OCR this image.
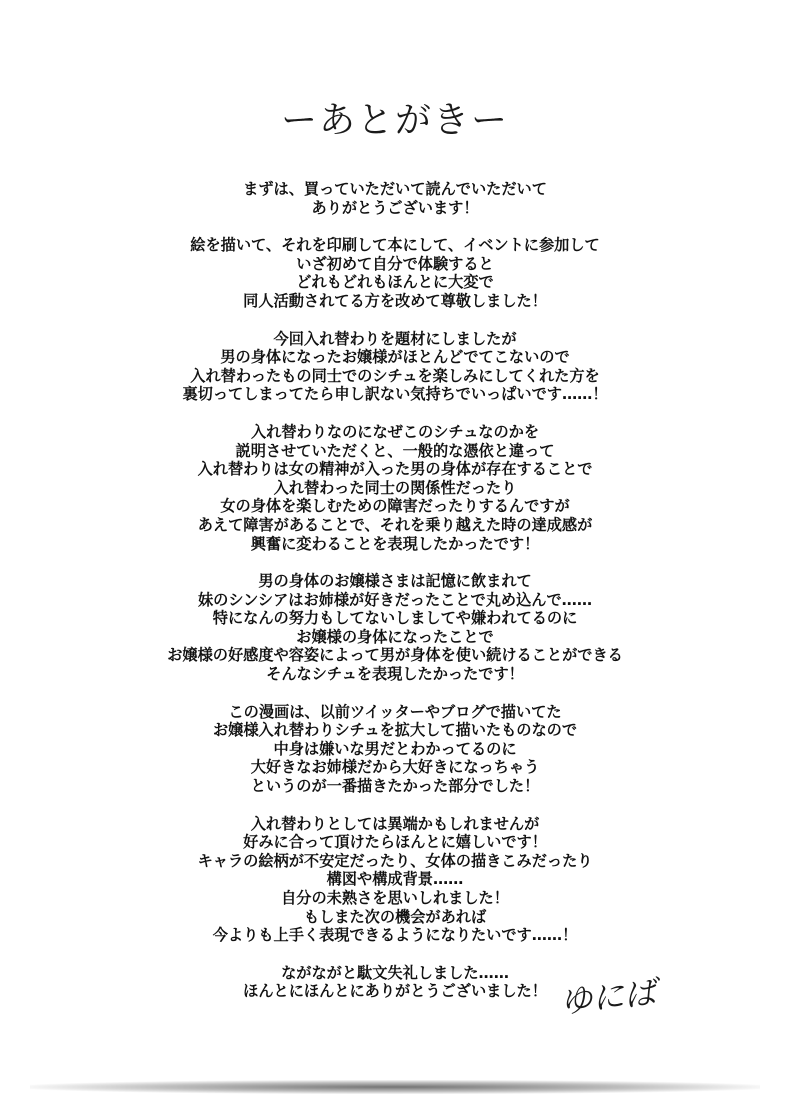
ーあとがきー
まずは、買っていただいて読んでいただいて
ありがとうございます！
絵を描いて、それを印刷して本にして、イベントに参加して
いざ初めて自分で体験すると
どれもどれもほんとに大変で
同人活動されてる方を改めて尊敬しました！
今回入れ替わりを題材にしましたが
男の身体になったお嬢様がほとんどでてこないので
入れ替わったもの同士でのシチュを楽しみにしてくれた方を
裏切ってしまってたら申し訳ない気持ちでいっぱいです……！
入れ替わりなのになぜこのシチュなのかを
説明させていただくと、一般的な憑依と違って
入れ替わりは女の精神が入った男の身体が存在することで
入れ替わった同士の関係性だったり
女の身体を楽しむための障害だったりするんですが
あえて障害があることで、それを乗り越えた時の達成感が
興奮に変わることを表現したかったです！
男の身体のお嬢様さまは記憶に飲まれて
妹のシンシアはお姉様が好きだったことで丸め込んで……
特になんの努力もしてないしましてや嫌われてるのに
お嬢様の身体になったことで
お嬢様の好感度や容姿によって男が身体を使い続けることができる
そんなシチュを表現したかったです！
この漫画は、以前ツイッターやブログで描いてた
お嬢様入れ替わりシチュを拡大して描いたものなので
中身は嫌いな男だとわかってるのに
大好きなお姉様だから大好きになっちゃう
というのが一番描きたかった部分でした！
入れ替わりとしては異端かもしれませんが
好みに合って頂けたらほんとに嬉しいです！
キャラの絵柄が不安定だったり、女体の描きこみだったり
構図や構成背景……
自分の未熟さを思いしれました！
もしまた次の機会があれば
今よりも上手く表現できるようになりたいです……！
ながながと駄文失礼しました……
ほんとにほんとにありがとうございました！ ゆにば
